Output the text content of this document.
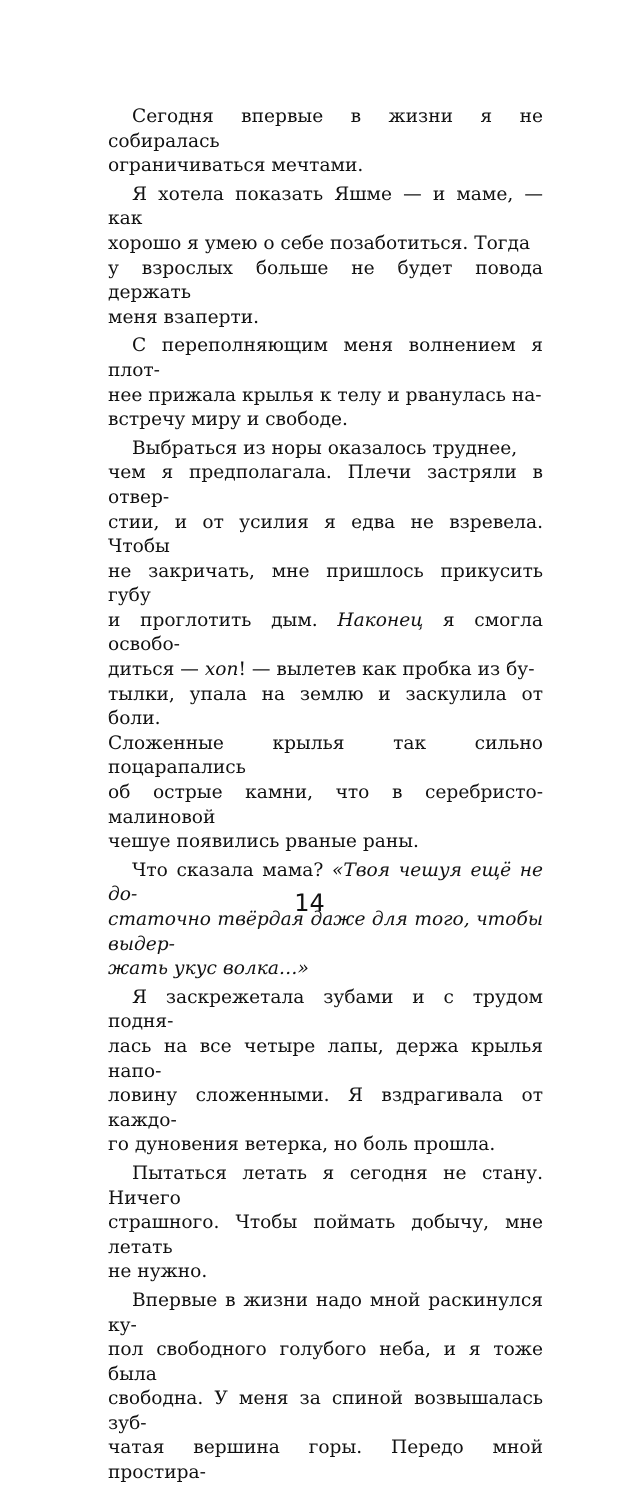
Сегодня впервые в жизни я не собиралась
ограничиваться мечтами.

Я хотела показать Яшме — и маме, — как
хорошо я умею о себе позаботиться. Тогда
у взрослых больше не будет повода держать
меня взаперти.

С переполняющим меня волнением я плот-
нее прижала крылья к телу и рванулась на-
встречу миру и свободе.

Выбраться из норы оказалось труднее,
чем я предполагала. Плечи застряли в отвер-
стии, и от усилия я едва не взревела. Чтобы
не закричать, мне пришлось прикусить губу
и проглотить дым. Наконец я смогла освобо-
диться — хоп! — вылетев как пробка из бу-
тылки, упала на землю и заскулила от боли.
Сложенные крылья так сильно поцарапались
об острые камни, что в серебристо-малиновой
чешуе появились рваные раны.

Что сказала мама? «Твоя чешуя ещё не до-
статочно твёрдая даже для того, чтобы выдер-
жать укус волка…»

Я заскрежетала зубами и с трудом подня-
лась на все четыре лапы, держа крылья напо-
ловину сложенными. Я вздрагивала от каждо-
го дуновения ветерка, но боль прошла.

Пытаться летать я сегодня не стану. Ничего
страшного. Чтобы поймать добычу, мне летать
не нужно.

Впервые в жизни надо мной раскинулся ку-
пол свободного голубого неба, и я тоже была
свободна. У меня за спиной возвышалась зуб-
чатая вершина горы. Передо мной простира-

14
